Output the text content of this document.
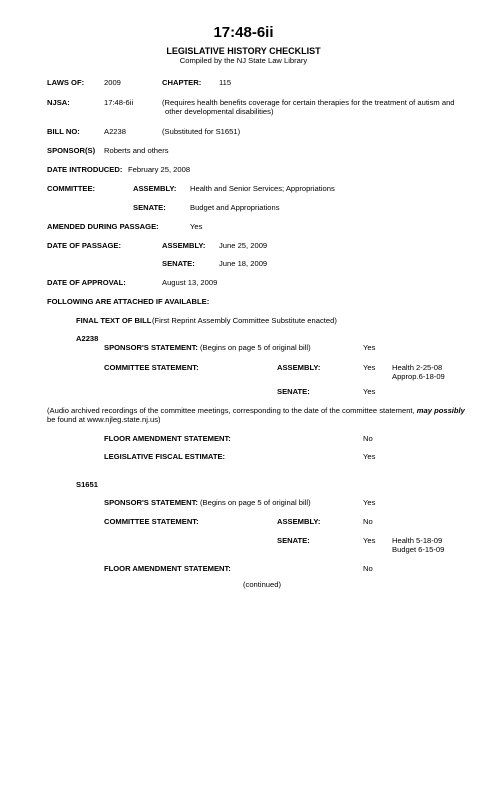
17:48-6ii
LEGISLATIVE HISTORY CHECKLIST
Compiled by the NJ State Law Library
LAWS OF:	2009	CHAPTER: 115
NJSA:	17:48-6ii	(Requires health benefits coverage for certain therapies for the treatment of autism and
other developmental disabilities)
BILL NO:	A2238	(Substituted for S1651)
SPONSOR(S) Roberts and others
DATE INTRODUCED: February 25, 2008
COMMITTEE:	ASSEMBLY: Health and Senior Services; Appropriations
SENATE:	Budget and Appropriations
AMENDED DURING PASSAGE:	Yes
DATE OF PASSAGE:	ASSEMBLY: June 25, 2009
SENATE:	June 18, 2009
DATE OF APPROVAL:	August 13, 2009
FOLLOWING ARE ATTACHED IF AVAILABLE:
FINAL TEXT OF BILL (First Reprint Assembly Committee Substitute enacted)
A2238
SPONSOR'S STATEMENT: (Begins on page 5 of original bill)	Yes
COMMITTEE STATEMENT:	ASSEMBLY:	Yes Health 2-25-08
Approp.6-18-09
SENATE:	Yes
(Audio archived recordings of the committee meetings, corresponding to the date of the committee statement, may possibly
be found at www.njleg.state.nj.us)
FLOOR AMENDMENT STATEMENT:	No
LEGISLATIVE FISCAL ESTIMATE:	Yes
S1651
SPONSOR'S STATEMENT: (Begins on page 5 of original bill)	Yes
COMMITTEE STATEMENT:	ASSEMBLY:	No
SENATE:	Yes Health 5-18-09
Budget 6-15-09
FLOOR AMENDMENT STATEMENT:	No
(continued)
